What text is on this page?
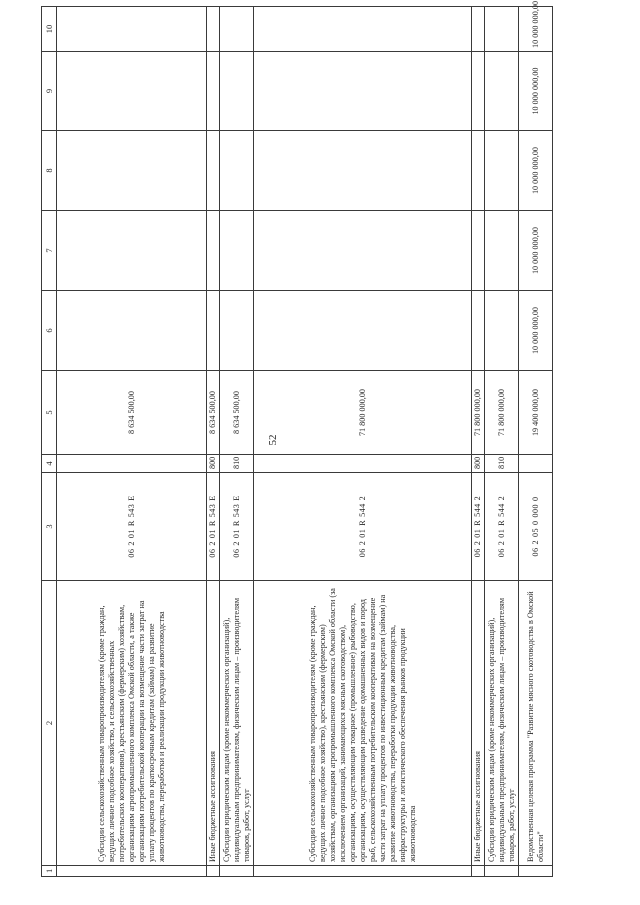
52
1	2	3	4	5	6	7	8	9	10
	Субсидии сельскохозяйственным товаропроизводителям (кроме граждан, ведущих личное подсобное хозяйство, и сельскохозяйственных потребительских кооперативов), крестьянским (фермерским) хозяйствам, организациям агропромышленного комплекса Омской области, а также организациям потребительской кооперации на возмещение части затрат на уплату процентов по краткосрочным кредитам (займам) на развитие животноводства, переработки и реализации продукции животноводства	06201R543Е		8 634 500,00					
	Иные бюджетные ассигнования	06201R543Е	800	8 634 500,00					
	Субсидии юридическим лицам (кроме некоммерческих организаций), индивидуальным предпринимателям, физическим лицам – производителям товаров, работ, услуг	06201R543Е	810	8 634 500,00					
	Субсидии сельскохозяйственным товаропроизводителям (кроме граждан, ведущих личное подсобное хозяйство), крестьянским (фермерским) хозяйствам, организациям агропромышленного комплекса Омской области (за исключением организаций, занимающихся мясным скотоводством), организациям, осуществляющим товарное (промышленное) рыбоводство, организациям, осуществляющим разведение одомашненных видов и пород рыб, сельскохозяйственным потребительским кооперативам на возмещение части затрат на уплату процентов по инвестиционным кредитам (займам) на развитие животноводства, переработки продукции животноводства, инфраструктуры и логистического обеспечения рынков продукции животноводства	06201R5442		71 800 000,00					
	Иные бюджетные ассигнования	06201R5442	800	71 800 000,00					
	Субсидии юридическим лицам (кроме некоммерческих организаций), индивидуальным предпринимателям, физическим лицам – производителям товаров, работ, услуг	06201R5442	810	71 800 000,00					
	Ведомственная целевая программа "Развитие мясного скотоводства в Омской области"	0620500000		19 400 000,00	10 000 000,00	10 000 000,00	10 000 000,00	10 000 000,00	10 000 000,00
